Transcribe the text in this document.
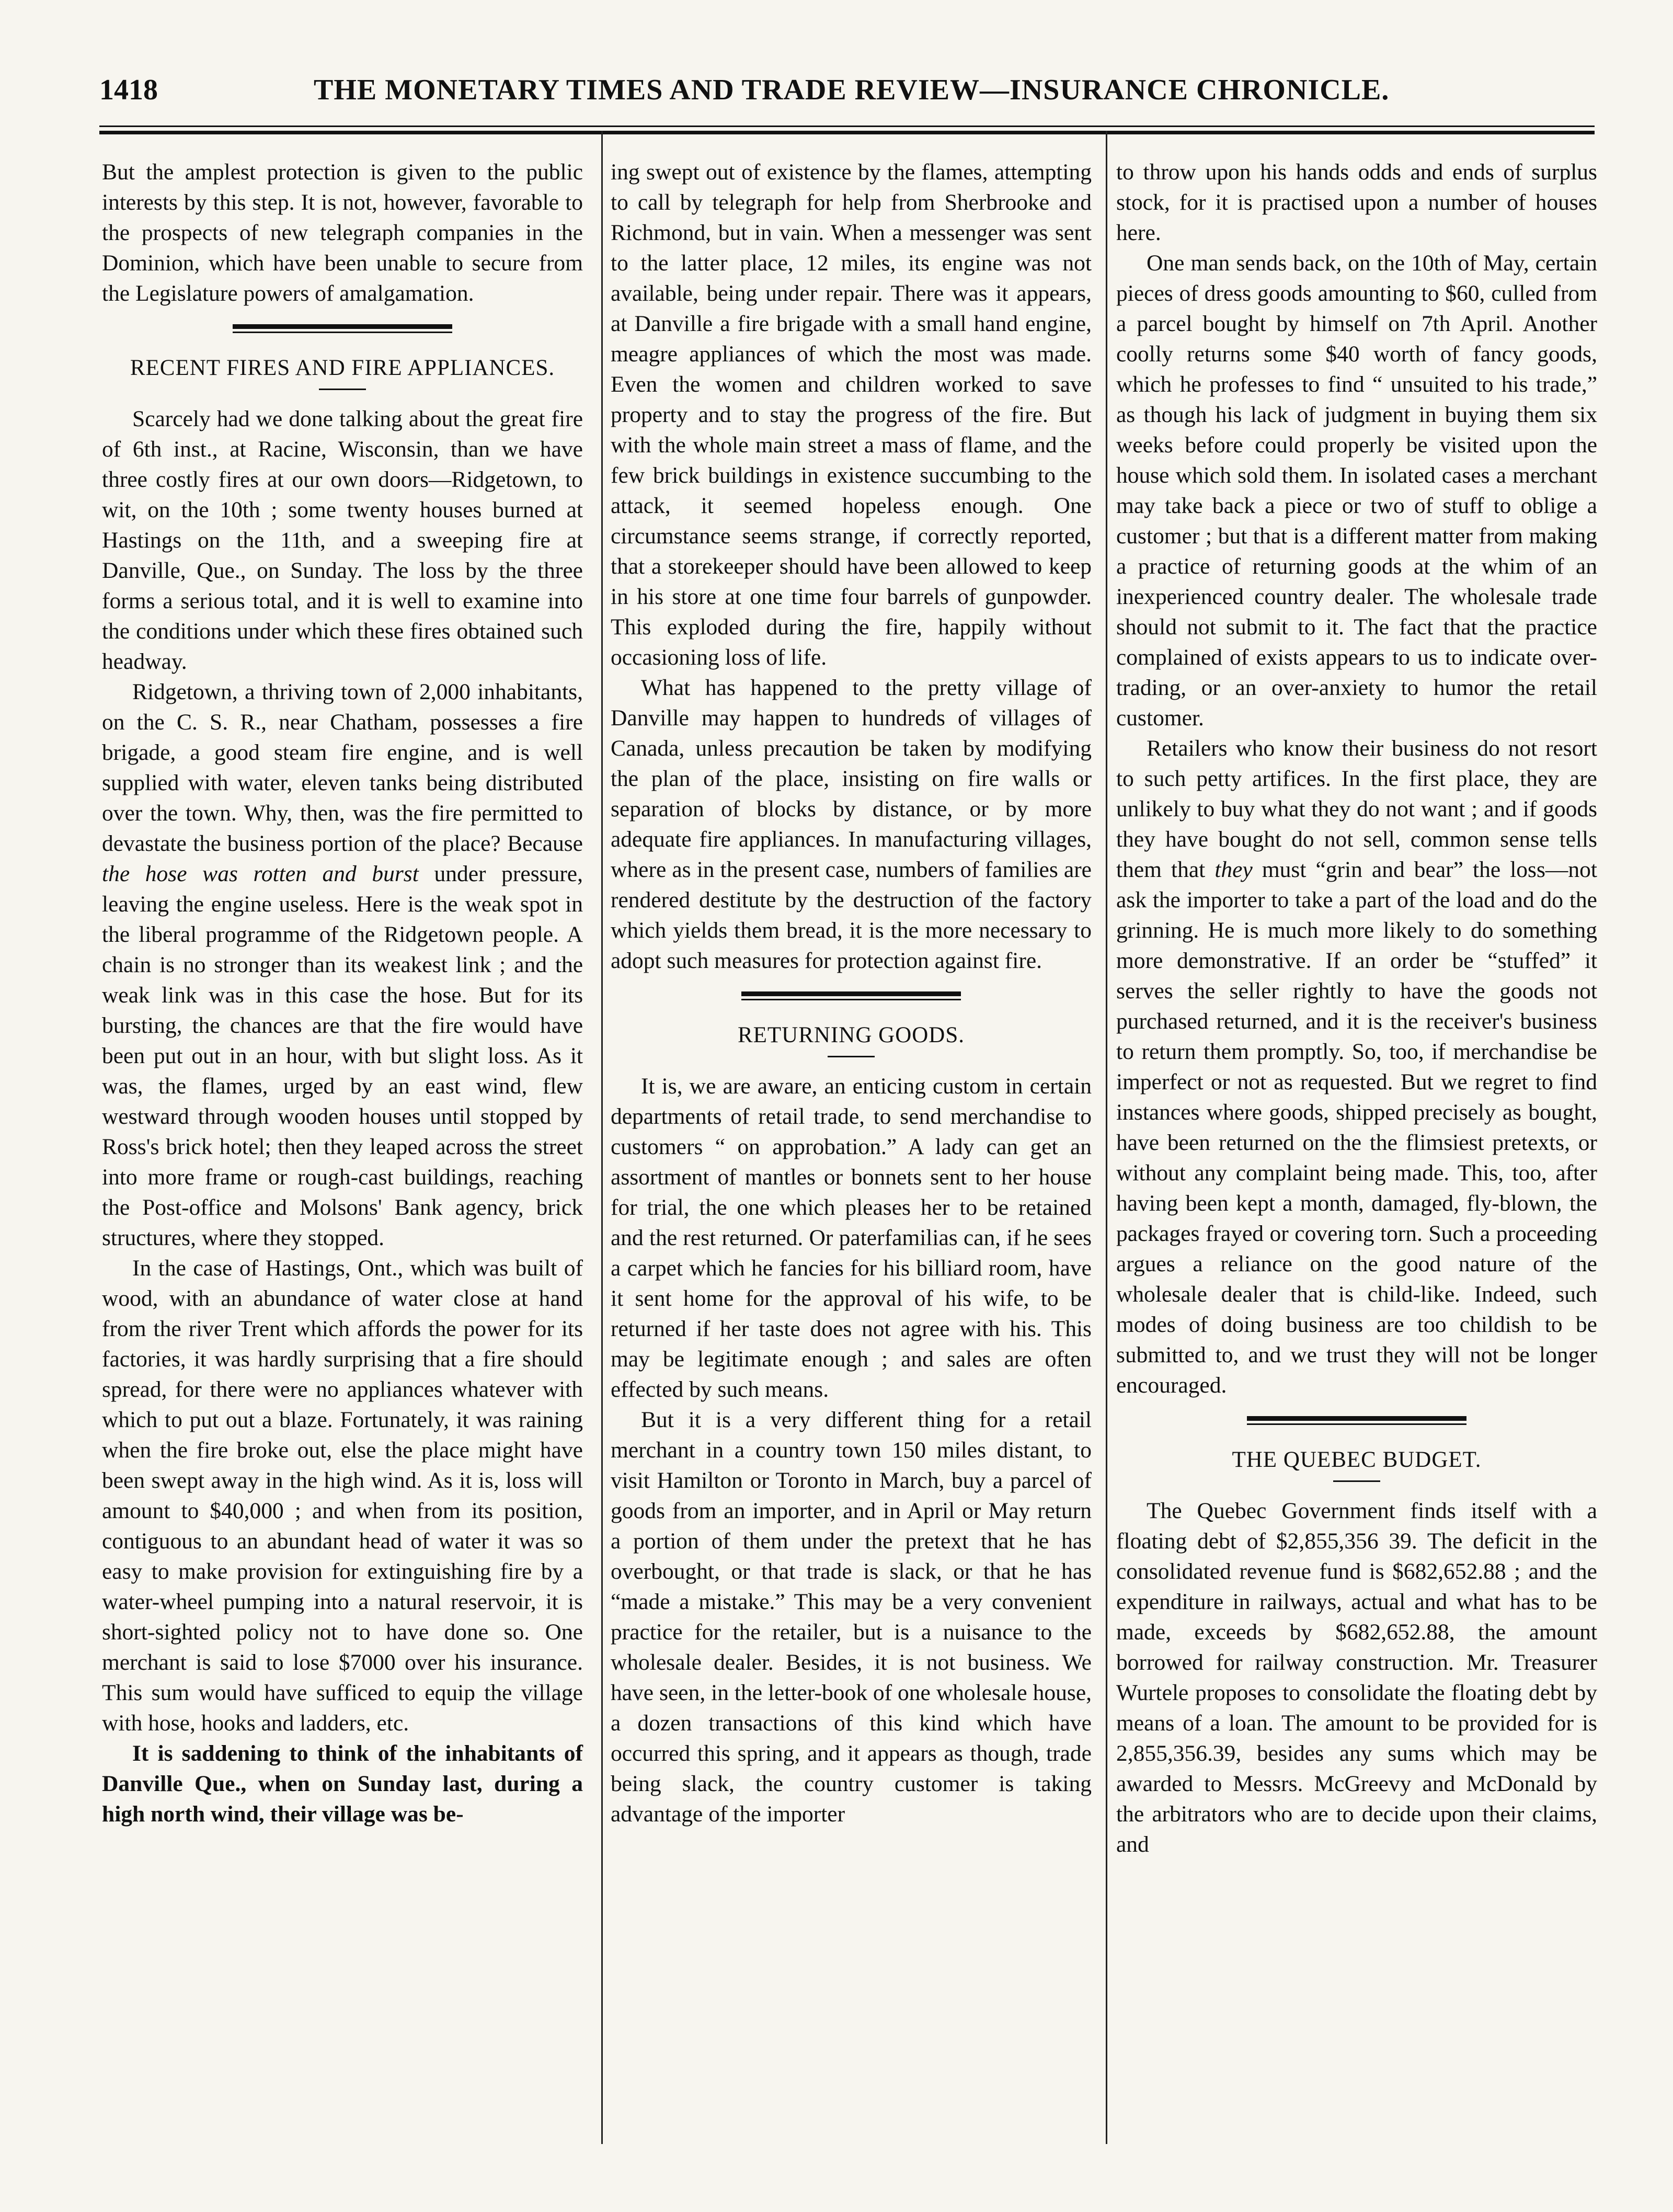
1418	THE MONETARY TIMES AND TRADE REVIEW—INSURANCE CHRONICLE.

But the amplest protection is given to the public interests by this step. It is not, however, favorable to the prospects of new telegraph companies in the Dominion, which have been unable to secure from the Legislature powers of amalgamation.

RECENT FIRES AND FIRE APPLIANCES.

Scarcely had we done talking about the great fire of 6th inst., at Racine, Wisconsin, than we have three costly fires at our own doors—Ridgetown, to wit, on the 10th ; some twenty houses burned at Hastings on the 11th, and a sweeping fire at Danville, Que., on Sunday. The loss by the three forms a serious total, and it is well to examine into the conditions under which these fires obtained such headway.

Ridgetown, a thriving town of 2,000 inhabitants, on the C. S. R., near Chatham, possesses a fire brigade, a good steam fire engine, and is well supplied with water, eleven tanks being distributed over the town. Why, then, was the fire permitted to devastate the business portion of the place? Because the hose was rotten and burst under pressure, leaving the engine useless. Here is the weak spot in the liberal programme of the Ridgetown people. A chain is no stronger than its weakest link ; and the weak link was in this case the hose. But for its bursting, the chances are that the fire would have been put out in an hour, with but slight loss. As it was, the flames, urged by an east wind, flew westward through wooden houses until stopped by Ross's brick hotel; then they leaped across the street into more frame or rough-cast buildings, reaching the Post-office and Molsons' Bank agency, brick structures, where they stopped.

In the case of Hastings, Ont., which was built of wood, with an abundance of water close at hand from the river Trent which affords the power for its factories, it was hardly surprising that a fire should spread, for there were no appliances whatever with which to put out a blaze. Fortunately, it was raining when the fire broke out, else the place might have been swept away in the high wind. As it is, loss will amount to $40,000 ; and when from its position, contiguous to an abundant head of water it was so easy to make provision for extinguishing fire by a water-wheel pumping into a natural reservoir, it is short-sighted policy not to have done so. One merchant is said to lose $7000 over his insurance. This sum would have sufficed to equip the village with hose, hooks and ladders, etc.

It is saddening to think of the inhabitants of Danville Que., when on Sunday last, during a high north wind, their village was be-

ing swept out of existence by the flames, attempting to call by telegraph for help from Sherbrooke and Richmond, but in vain. When a messenger was sent to the latter place, 12 miles, its engine was not available, being under repair. There was it appears, at Danville a fire brigade with a small hand engine, meagre appliances of which the most was made. Even the women and children worked to save property and to stay the progress of the fire. But with the whole main street a mass of flame, and the few brick buildings in existence succumbing to the attack, it seemed hopeless enough. One circumstance seems strange, if correctly reported, that a storekeeper should have been allowed to keep in his store at one time four barrels of gunpowder. This exploded during the fire, happily without occasioning loss of life.

What has happened to the pretty village of Danville may happen to hundreds of villages of Canada, unless precaution be taken by modifying the plan of the place, insisting on fire walls or separation of blocks by distance, or by more adequate fire appliances. In manufacturing villages, where as in the present case, numbers of families are rendered destitute by the destruction of the factory which yields them bread, it is the more necessary to adopt such measures for protection against fire.

RETURNING GOODS.

It is, we are aware, an enticing custom in certain departments of retail trade, to send merchandise to customers “ on approbation.” A lady can get an assortment of mantles or bonnets sent to her house for trial, the one which pleases her to be retained and the rest returned. Or paterfamilias can, if he sees a carpet which he fancies for his billiard room, have it sent home for the approval of his wife, to be returned if her taste does not agree with his. This may be legitimate enough ; and sales are often effected by such means.

But it is a very different thing for a retail merchant in a country town 150 miles distant, to visit Hamilton or Toronto in March, buy a parcel of goods from an importer, and in April or May return a portion of them under the pretext that he has overbought, or that trade is slack, or that he has “made a mistake.” This may be a very convenient practice for the retailer, but is a nuisance to the wholesale dealer. Besides, it is not business. We have seen, in the letter-book of one wholesale house, a dozen transactions of this kind which have occurred this spring, and it appears as though, trade being slack, the country customer is taking advantage of the importer

to throw upon his hands odds and ends of surplus stock, for it is practised upon a number of houses here.

One man sends back, on the 10th of May, certain pieces of dress goods amounting to $60, culled from a parcel bought by himself on 7th April. Another coolly returns some $40 worth of fancy goods, which he professes to find “ unsuited to his trade,” as though his lack of judgment in buying them six weeks before could properly be visited upon the house which sold them. In isolated cases a merchant may take back a piece or two of stuff to oblige a customer ; but that is a different matter from making a practice of returning goods at the whim of an inexperienced country dealer. The wholesale trade should not submit to it. The fact that the practice complained of exists appears to us to indicate over-trading, or an over-anxiety to humor the retail customer.

Retailers who know their business do not resort to such petty artifices. In the first place, they are unlikely to buy what they do not want ; and if goods they have bought do not sell, common sense tells them that they must “grin and bear” the loss—not ask the importer to take a part of the load and do the grinning. He is much more likely to do something more demonstrative. If an order be “stuffed” it serves the seller rightly to have the goods not purchased returned, and it is the receiver's business to return them promptly. So, too, if merchandise be imperfect or not as requested. But we regret to find instances where goods, shipped precisely as bought, have been returned on the the flimsiest pretexts, or without any complaint being made. This, too, after having been kept a month, damaged, fly-blown, the packages frayed or covering torn. Such a proceeding argues a reliance on the good nature of the wholesale dealer that is child-like. Indeed, such modes of doing business are too childish to be submitted to, and we trust they will not be longer encouraged.

THE QUEBEC BUDGET.

The Quebec Government finds itself with a floating debt of $2,855,356 39. The deficit in the consolidated revenue fund is $682,652.88 ; and the expenditure in railways, actual and what has to be made, exceeds by $682,652.88, the amount borrowed for railway construction. Mr. Treasurer Wurtele proposes to consolidate the floating debt by means of a loan. The amount to be provided for is 2,855,356.39, besides any sums which may be awarded to Messrs. McGreevy and McDonald by the arbitrators who are to decide upon their claims, and
